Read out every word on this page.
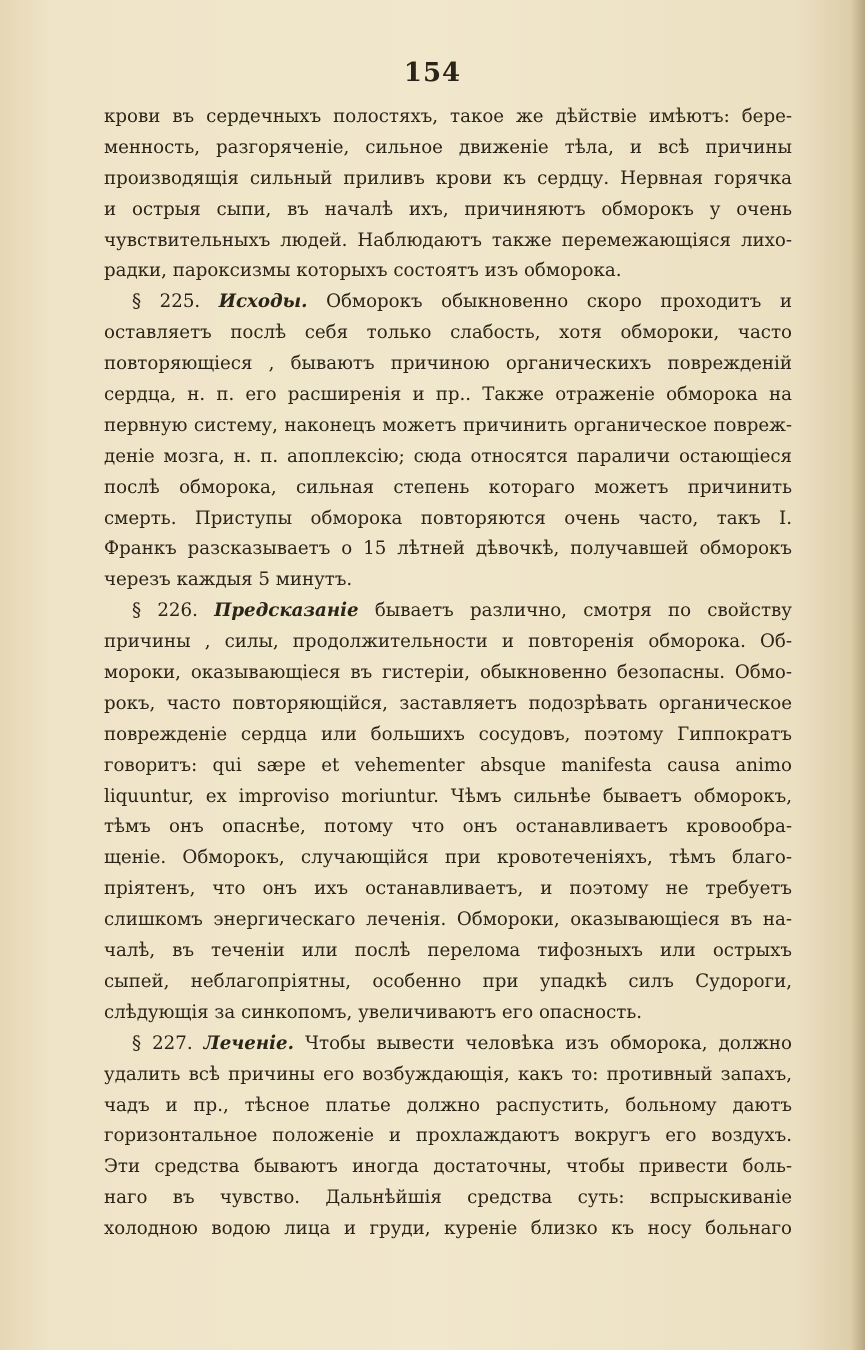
154
крови въ сердечныхъ полостяхъ, такое же дѣйствіе имѣютъ: бере-
менность, разгоряченіе, сильное движеніе тѣла, и всѣ причины
производящія сильный приливъ крови къ сердцу. Нервная горячка
и острыя сыпи, въ началѣ ихъ, причиняютъ обморокъ у очень
чувствительныхъ людей. Наблюдаютъ также перемежающіяся лихо-
радки, пароксизмы которыхъ состоятъ изъ обморока.
§ 225. Исходы. Обморокъ обыкновенно скоро проходитъ и
оставляетъ послѣ себя только слабость, хотя обмороки, часто
повторяющіеся , бываютъ причиною органическихъ поврежденій
сердца, н. п. его расширенія и пр.. Также отраженіе обморока на
первную систему, наконецъ можетъ причинить органическое повреж-
деніе мозга, н. п. апоплексію; сюда относятся параличи остающіеся
послѣ обморока, сильная степень котораго можетъ причинить
смерть. Приступы обморока повторяются очень часто, такъ І.
Франкъ разсказываетъ о 15 лѣтней дѣвочкѣ, получавшей обморокъ
черезъ каждыя 5 минутъ.
§ 226. Предсказаніе бываетъ различно, смотря по свойству
причины , силы, продолжительности и повторенія обморока. Об-
мороки, оказывающіеся въ гистеріи, обыкновенно безопасны. Обмо-
рокъ, часто повторяющійся, заставляетъ подозрѣвать органическое
поврежденіе сердца или большихъ сосудовъ, поэтому Гиппократъ
говоритъ: qui sæpe et vehementer absque manifesta causa animo
liquuntur, ex improviso moriuntur. Чѣмъ сильнѣе бываетъ обморокъ,
тѣмъ онъ опаснѣе, потому что онъ останавливаетъ кровообра-
щеніе. Обморокъ, случающійся при кровотеченіяхъ, тѣмъ благо-
пріятенъ, что онъ ихъ останавливаетъ, и поэтому не требуетъ
слишкомъ энергическаго леченія. Обмороки, оказывающіеся въ на-
чалѣ, въ теченіи или послѣ перелома тифозныхъ или острыхъ
сыпей, неблагопріятны, особенно при упадкѣ силъ Судороги,
слѣдующія за синкопомъ, увеличиваютъ его опасность.
§ 227. Леченіе. Чтобы вывести человѣка изъ обморока, должно
удалить всѣ причины его возбуждающія, какъ то: противный запахъ,
чадъ и пр., тѣсное платье должно распустить, больному даютъ
горизонтальное положеніе и прохлаждаютъ вокругъ его воздухъ.
Эти средства бываютъ иногда достаточны, чтобы привести боль-
наго въ чувство. Дальнѣйшія средства суть: вспрыскиваніе
холодною водою лица и груди, куреніе близко къ носу больнаго
